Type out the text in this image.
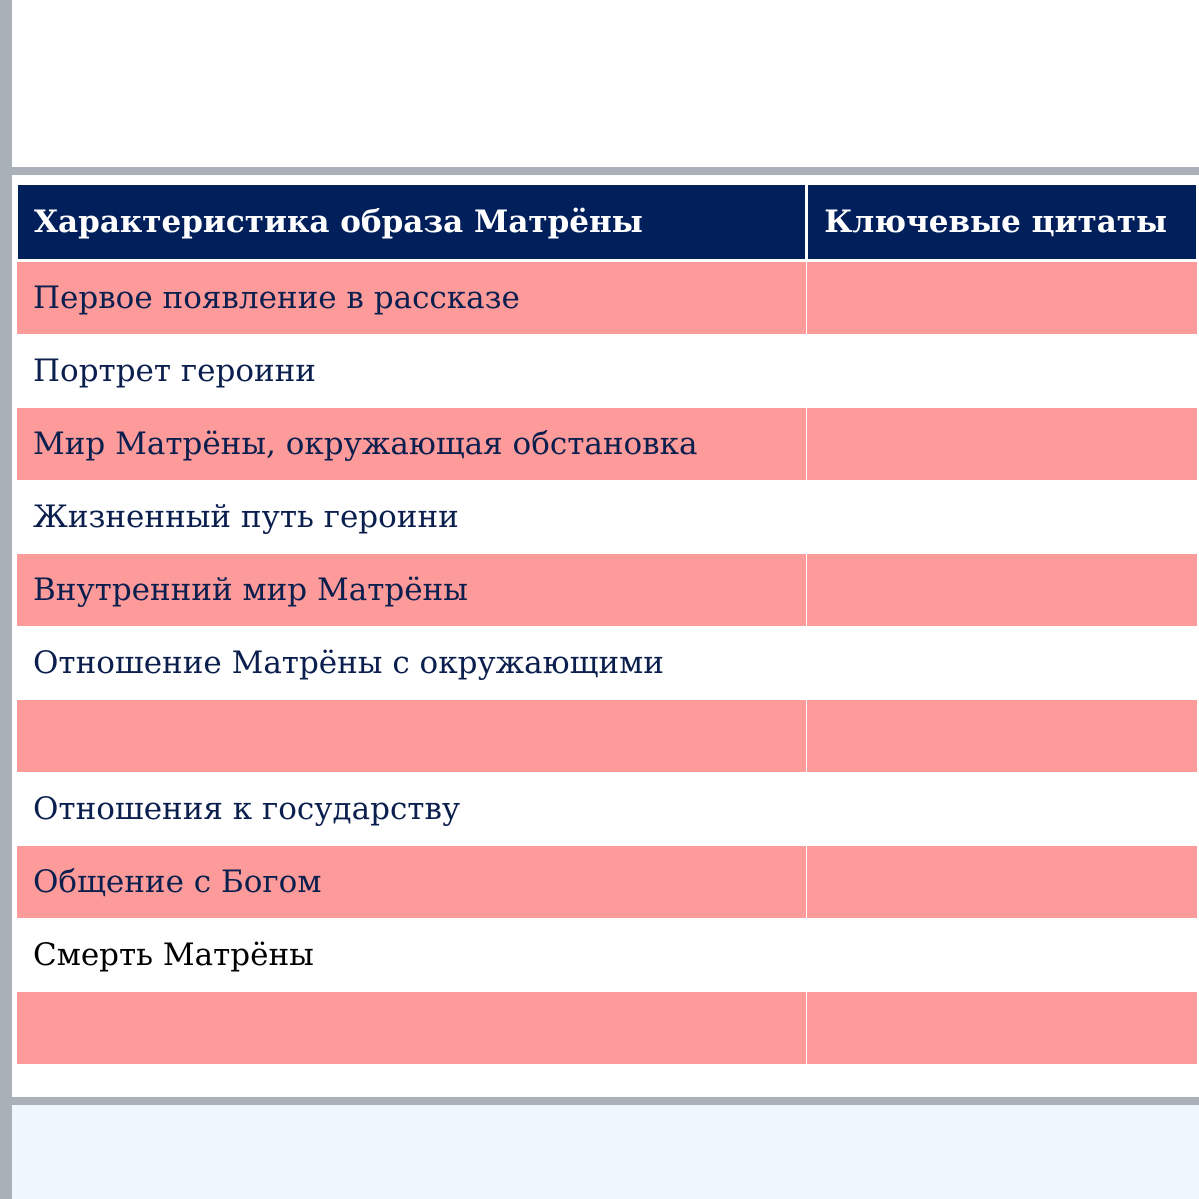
Характеристика образа Матрёны	Ключевые цитаты
Первое появление в рассказе	
Портрет героини	
Мир Матрёны, окружающая обстановка	
Жизненный путь героини	
Внутренний мир Матрёны	
Отношение Матрёны с окружающими	

Отношения к государству	
Общение с Богом	
Смерть Матрёны	
